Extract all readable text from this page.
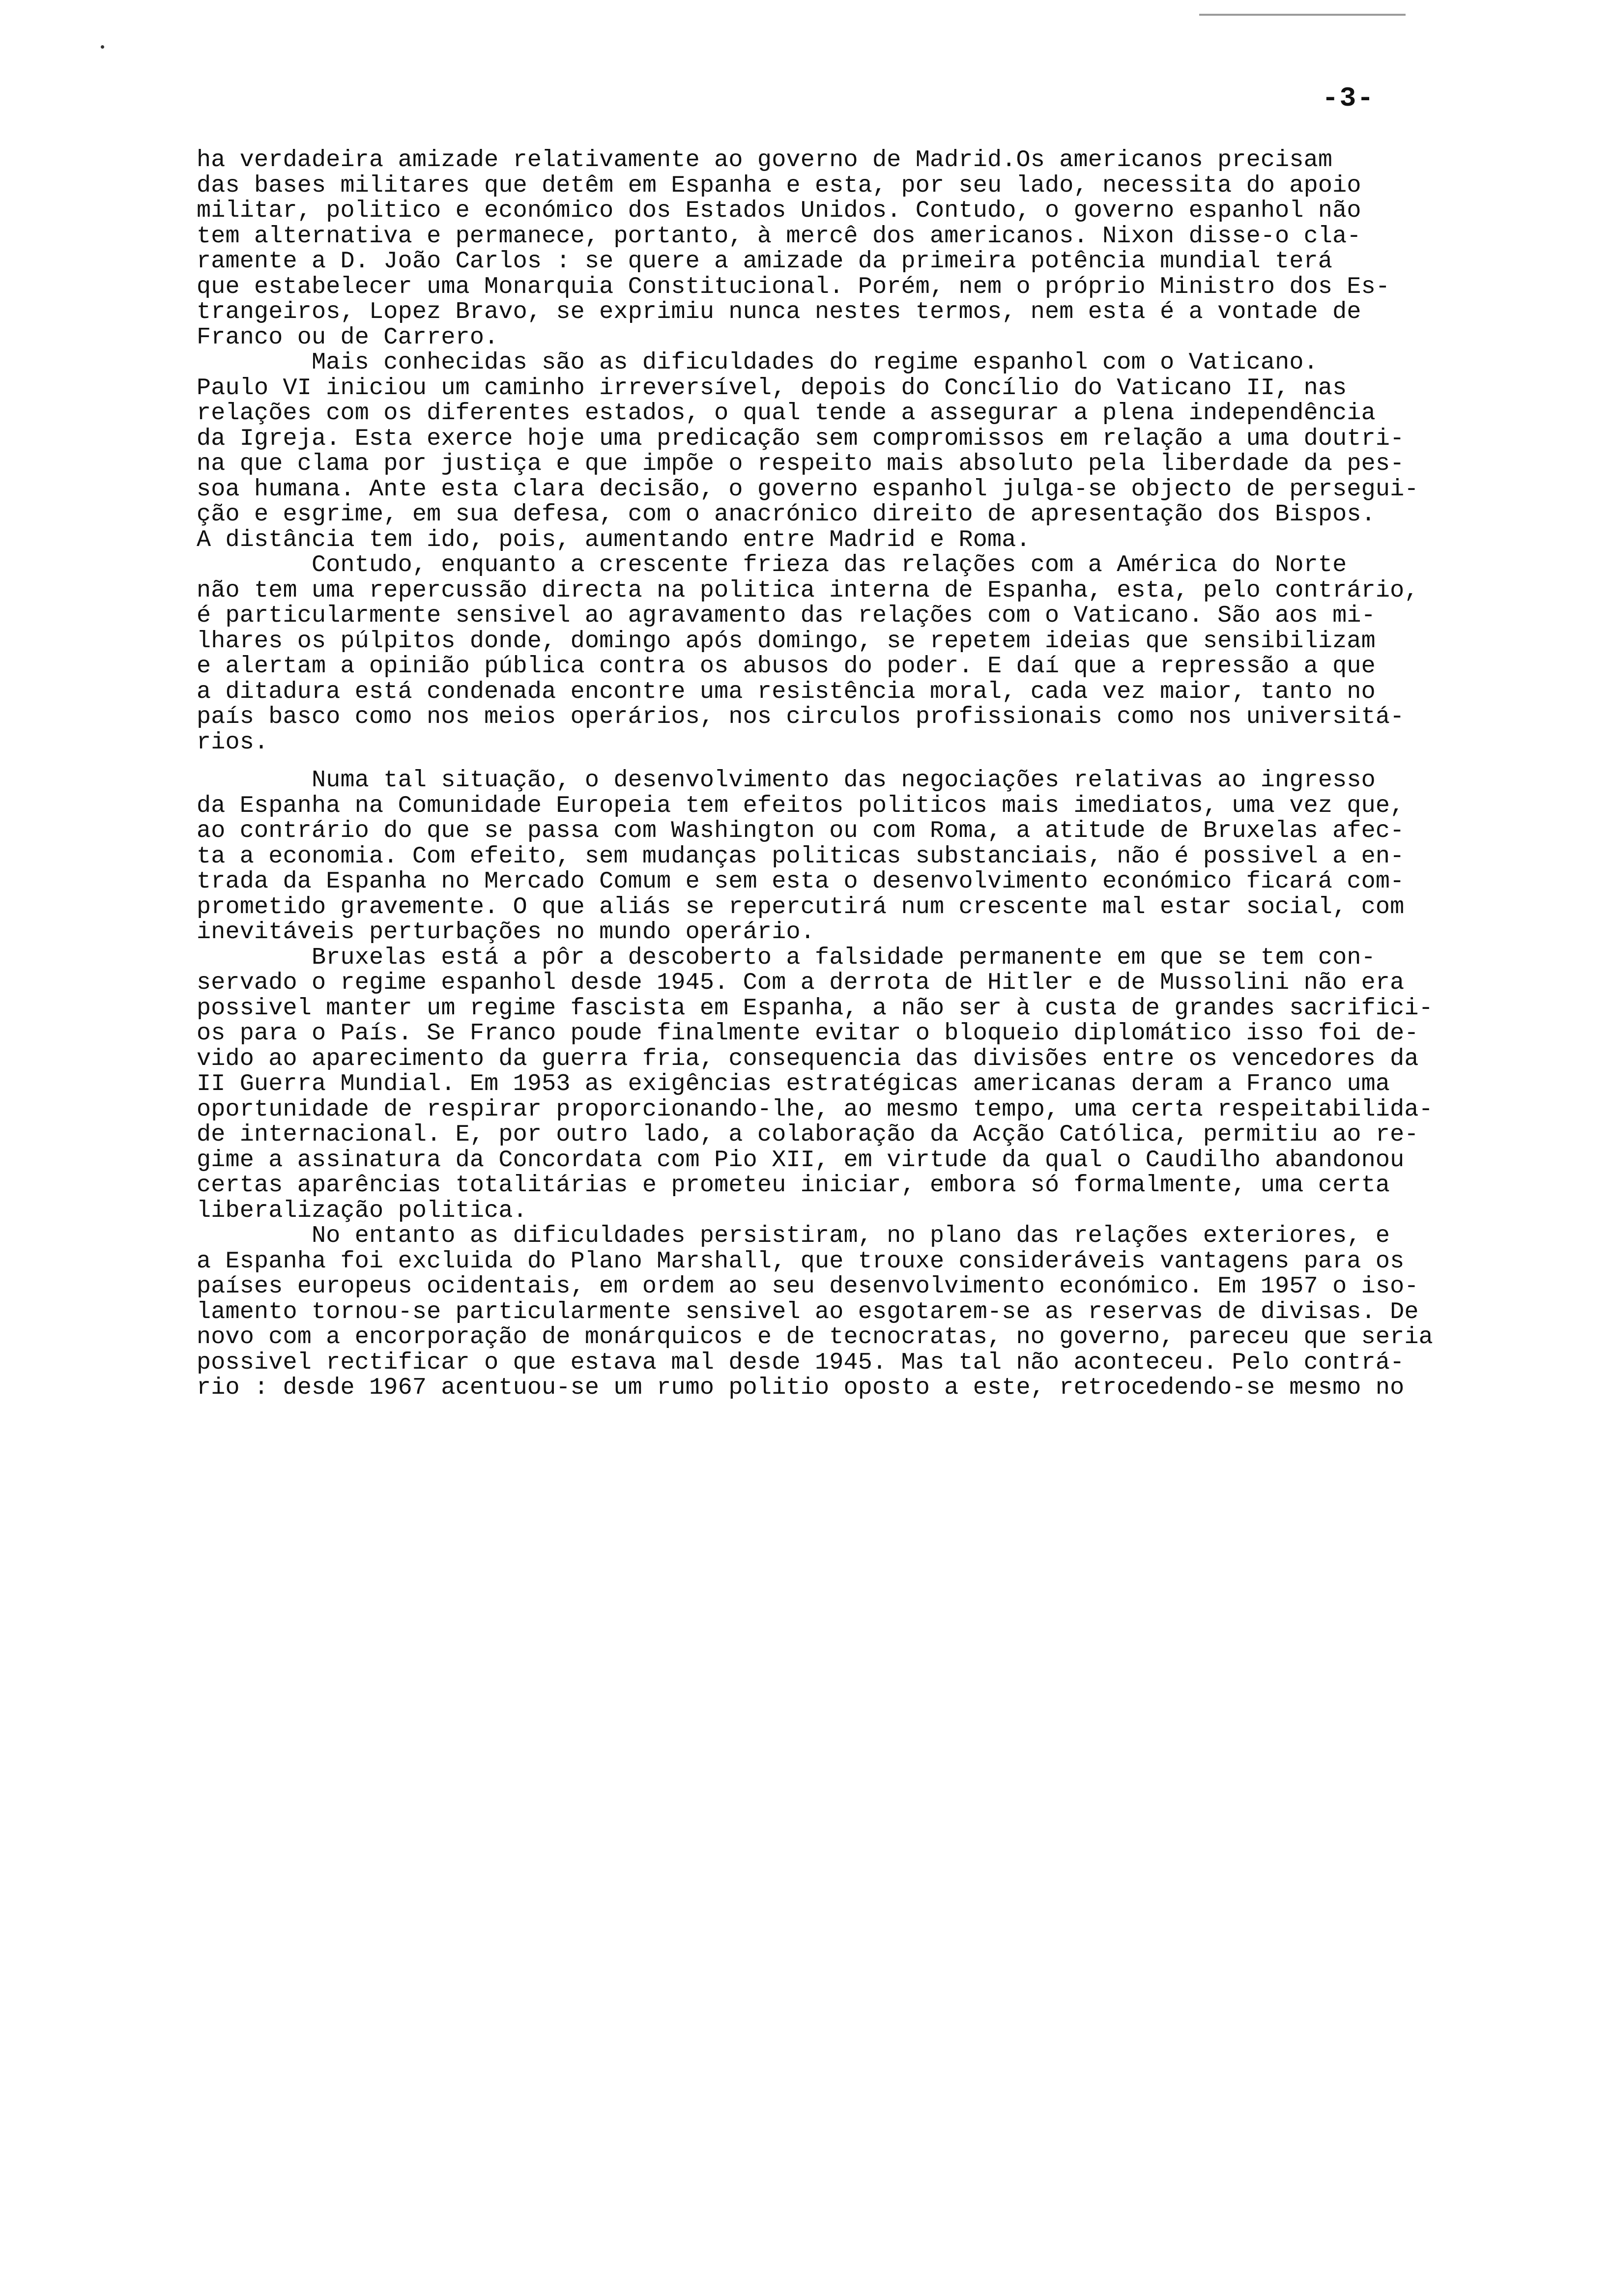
-3-
ha verdadeira amizade relativamente ao governo de Madrid.Os americanos precisam
das bases militares que detêm em Espanha e esta, por seu lado, necessita do apoio
militar, politico e económico dos Estados Unidos. Contudo, o governo espanhol não
tem alternativa e permanece, portanto, à mercê dos americanos. Nixon disse-o cla-
ramente a D. João Carlos : se quere a amizade da primeira potência mundial terá
que estabelecer uma Monarquia Constitucional. Porém, nem o próprio Ministro dos Es-
trangeiros, Lopez Bravo, se exprimiu nunca nestes termos, nem esta é a vontade de
Franco ou de Carrero.
Mais conhecidas são as dificuldades do regime espanhol com o Vaticano.
Paulo VI iniciou um caminho irreversível, depois do Concílio do Vaticano II, nas
relações com os diferentes estados, o qual tende a assegurar a plena independência
da Igreja. Esta exerce hoje uma predicação sem compromissos em relação a uma doutri-
na que clama por justiça e que impõe o respeito mais absoluto pela liberdade da pes-
soa humana. Ante esta clara decisão, o governo espanhol julga-se objecto de persegui-
ção e esgrime, em sua defesa, com o anacrónico direito de apresentação dos Bispos.
A distância tem ido, pois, aumentando entre Madrid e Roma.
Contudo, enquanto a crescente frieza das relações com a América do Norte
não tem uma repercussão directa na politica interna de Espanha, esta, pelo contrário,
é particularmente sensivel ao agravamento das relações com o Vaticano. São aos mi-
lhares os púlpitos donde, domingo após domingo, se repetem ideias que sensibilizam
e alertam a opinião pública contra os abusos do poder. E daí que a repressão a que
a ditadura está condenada encontre uma resistência moral, cada vez maior, tanto no
país basco como nos meios operários, nos circulos profissionais como nos universitá-
rios.
Numa tal situação, o desenvolvimento das negociações relativas ao ingresso
da Espanha na Comunidade Europeia tem efeitos politicos mais imediatos, uma vez que,
ao contrário do que se passa com Washington ou com Roma, a atitude de Bruxelas afec-
ta a economia. Com efeito, sem mudanças politicas substanciais, não é possivel a en-
trada da Espanha no Mercado Comum e sem esta o desenvolvimento económico ficará com-
prometido gravemente. O que aliás se repercutirá num crescente mal estar social, com
inevitáveis perturbações no mundo operário.
Bruxelas está a pôr a descoberto a falsidade permanente em que se tem con-
servado o regime espanhol desde 1945. Com a derrota de Hitler e de Mussolini não era
possivel manter um regime fascista em Espanha, a não ser à custa de grandes sacrifici-
os para o País. Se Franco poude finalmente evitar o bloqueio diplomático isso foi de-
vido ao aparecimento da guerra fria, consequencia das divisões entre os vencedores da
II Guerra Mundial. Em 1953 as exigências estratégicas americanas deram a Franco uma
oportunidade de respirar proporcionando-lhe, ao mesmo tempo, uma certa respeitabilida-
de internacional. E, por outro lado, a colaboração da Acção Católica, permitiu ao re-
gime a assinatura da Concordata com Pio XII, em virtude da qual o Caudilho abandonou
certas aparências totalitárias e prometeu iniciar, embora só formalmente, uma certa
liberalização politica.
No entanto as dificuldades persistiram, no plano das relações exteriores, e
a Espanha foi excluida do Plano Marshall, que trouxe consideráveis vantagens para os
países europeus ocidentais, em ordem ao seu desenvolvimento económico. Em 1957 o iso-
lamento tornou-se particularmente sensivel ao esgotarem-se as reservas de divisas. De
novo com a encorporação de monárquicos e de tecnocratas, no governo, pareceu que seria
possivel rectificar o que estava mal desde 1945. Mas tal não aconteceu. Pelo contrá-
rio : desde 1967 acentuou-se um rumo politio oposto a este, retrocedendo-se mesmo no
